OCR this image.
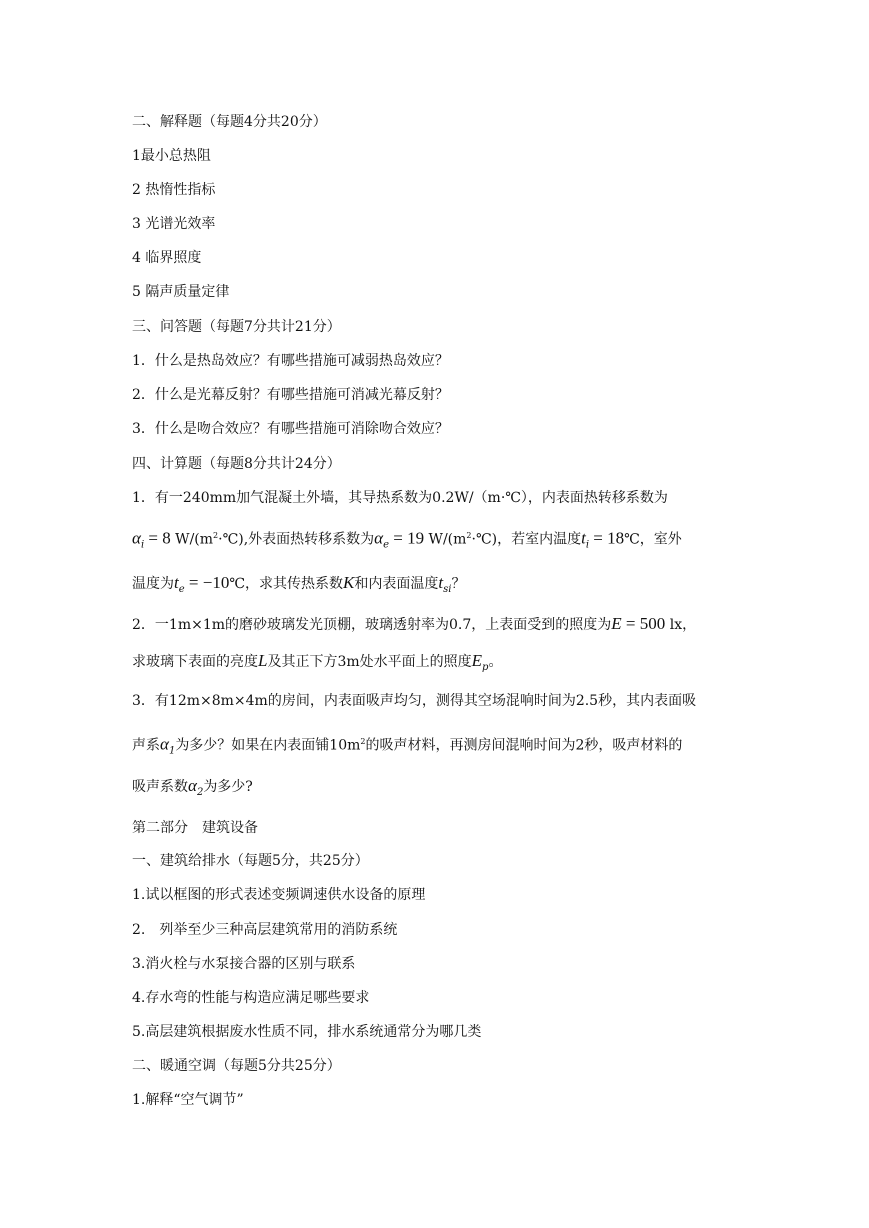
二、解释题（每题4分共20分）
1最小总热阻
2 热惰性指标
3 光谱光效率
4 临界照度
5 隔声质量定律
三、问答题（每题7分共计21分）
1．什么是热岛效应？有哪些措施可减弱热岛效应？
2．什么是光幕反射？有哪些措施可消减光幕反射？
3．什么是吻合效应？有哪些措施可消除吻合效应？
四、计算题（每题8分共计24分）
1．有一240mm加气混凝土外墙，其导热系数为0.2W/（m·℃），内表面热转移系数为
$\alpha_i = 8$ $W/(m^2\cdot℃)$,外表面热转移系数为$\alpha_e = 19$ $W/(m^2\cdot℃)$，若室内温度$t_i$ = 18℃，室外
温度为$t_e$ = −10℃，求其传热系数K和内表面温度$t_{si}$？
2．一1m×1m的磨砂玻璃发光顶棚，玻璃透射率为0.7，上表面受到的照度为E = 500 lx，
求玻璃下表面的亮度L及其正下方3m处水平面上的照度$E_p$。
3．有12m×8m×4m的房间，内表面吸声均匀，测得其空场混响时间为2.5秒，其内表面吸
声系$\alpha_1$为多少？如果在内表面铺$10m^2$的吸声材料，再测房间混响时间为2秒，吸声材料的
吸声系数$\alpha_2$为多少?
第二部分　建筑设备
一、建筑给排水（每题5分，共25分）
1.试以框图的形式表述变频调速供水设备的原理
2.　列举至少三种高层建筑常用的消防系统
3.消火栓与水泵接合器的区别与联系
4.存水弯的性能与构造应满足哪些要求
5.高层建筑根据废水性质不同，排水系统通常分为哪几类
二、暖通空调（每题5分共25分）
1.解释“空气调节”
